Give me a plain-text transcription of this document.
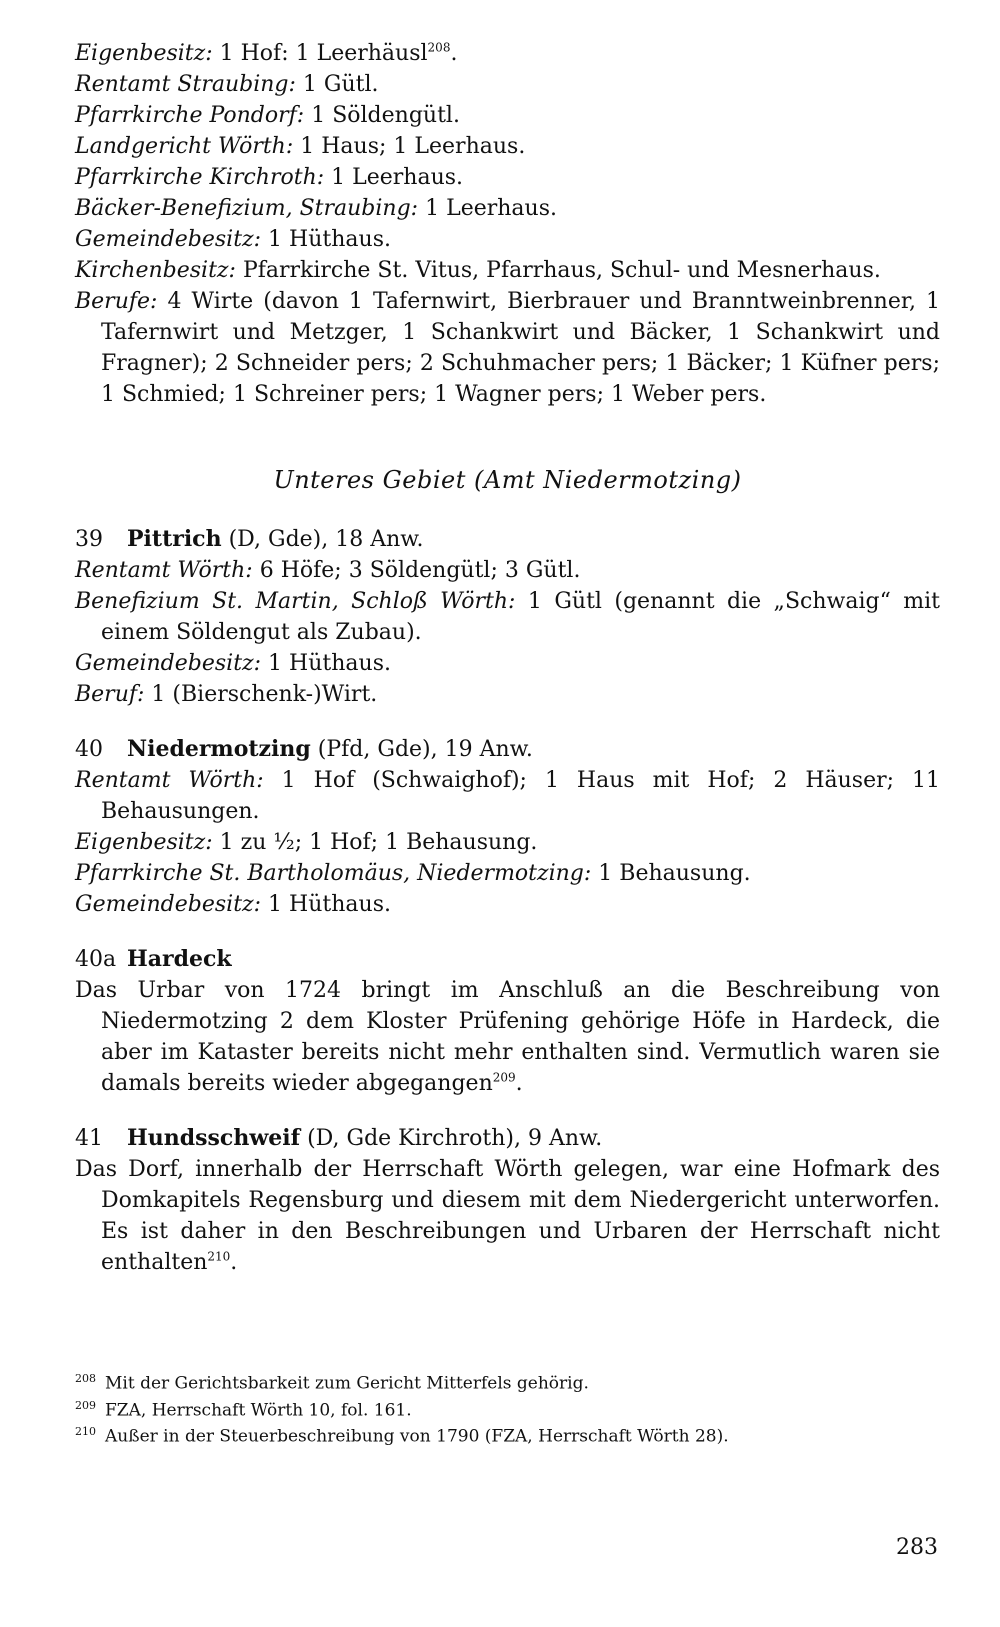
Eigenbesitz: 1 Hof: 1 Leerhäusl$^{208}$.
Rentamt Straubing: 1 Gütl.
Pfarrkirche Pondorf: 1 Söldengütl.
Landgericht Wörth: 1 Haus; 1 Leerhaus.
Pfarrkirche Kirchroth: 1 Leerhaus.
Bäcker-Benefizium, Straubing: 1 Leerhaus.
Gemeindebesitz: 1 Hüthaus.
Kirchenbesitz: Pfarrkirche St. Vitus, Pfarrhaus, Schul- und Mesnerhaus.
Berufe: 4 Wirte (davon 1 Tafernwirt, Bierbrauer und Branntweinbrenner, 1 Tafernwirt und Metzger, 1 Schankwirt und Bäcker, 1 Schankwirt und Fragner); 2 Schneider pers; 2 Schuhmacher pers; 1 Bäcker; 1 Küfner pers; 1 Schmied; 1 Schreiner pers; 1 Wagner pers; 1 Weber pers.
Unteres Gebiet (Amt Niedermotzing)
39 Pittrich (D, Gde), 18 Anw.
Rentamt Wörth: 6 Höfe; 3 Söldengütl; 3 Gütl.
Benefizium St. Martin, Schloß Wörth: 1 Gütl (genannt die „Schwaig“ mit einem Söldengut als Zubau).
Gemeindebesitz: 1 Hüthaus.
Beruf: 1 (Bierschenk-)Wirt.
40 Niedermotzing (Pfd, Gde), 19 Anw.
Rentamt Wörth: 1 Hof (Schwaighof); 1 Haus mit Hof; 2 Häuser; 11 Behausungen.
Eigenbesitz: 1 zu ½; 1 Hof; 1 Behausung.
Pfarrkirche St. Bartholomäus, Niedermotzing: 1 Behausung.
Gemeindebesitz: 1 Hüthaus.
40a Hardeck
Das Urbar von 1724 bringt im Anschluß an die Beschreibung von Niedermotzing 2 dem Kloster Prüfening gehörige Höfe in Hardeck, die aber im Kataster bereits nicht mehr enthalten sind. Vermutlich waren sie damals bereits wieder abgegangen$^{209}$.
41 Hundsschweif (D, Gde Kirchroth), 9 Anw.
Das Dorf, innerhalb der Herrschaft Wörth gelegen, war eine Hofmark des Domkapitels Regensburg und diesem mit dem Niedergericht unterworfen. Es ist daher in den Beschreibungen und Urbaren der Herrschaft nicht enthalten$^{210}$.
208 Mit der Gerichtsbarkeit zum Gericht Mitterfels gehörig.
209 FZA, Herrschaft Wörth 10, fol. 161.
210 Außer in der Steuerbeschreibung von 1790 (FZA, Herrschaft Wörth 28).
283
